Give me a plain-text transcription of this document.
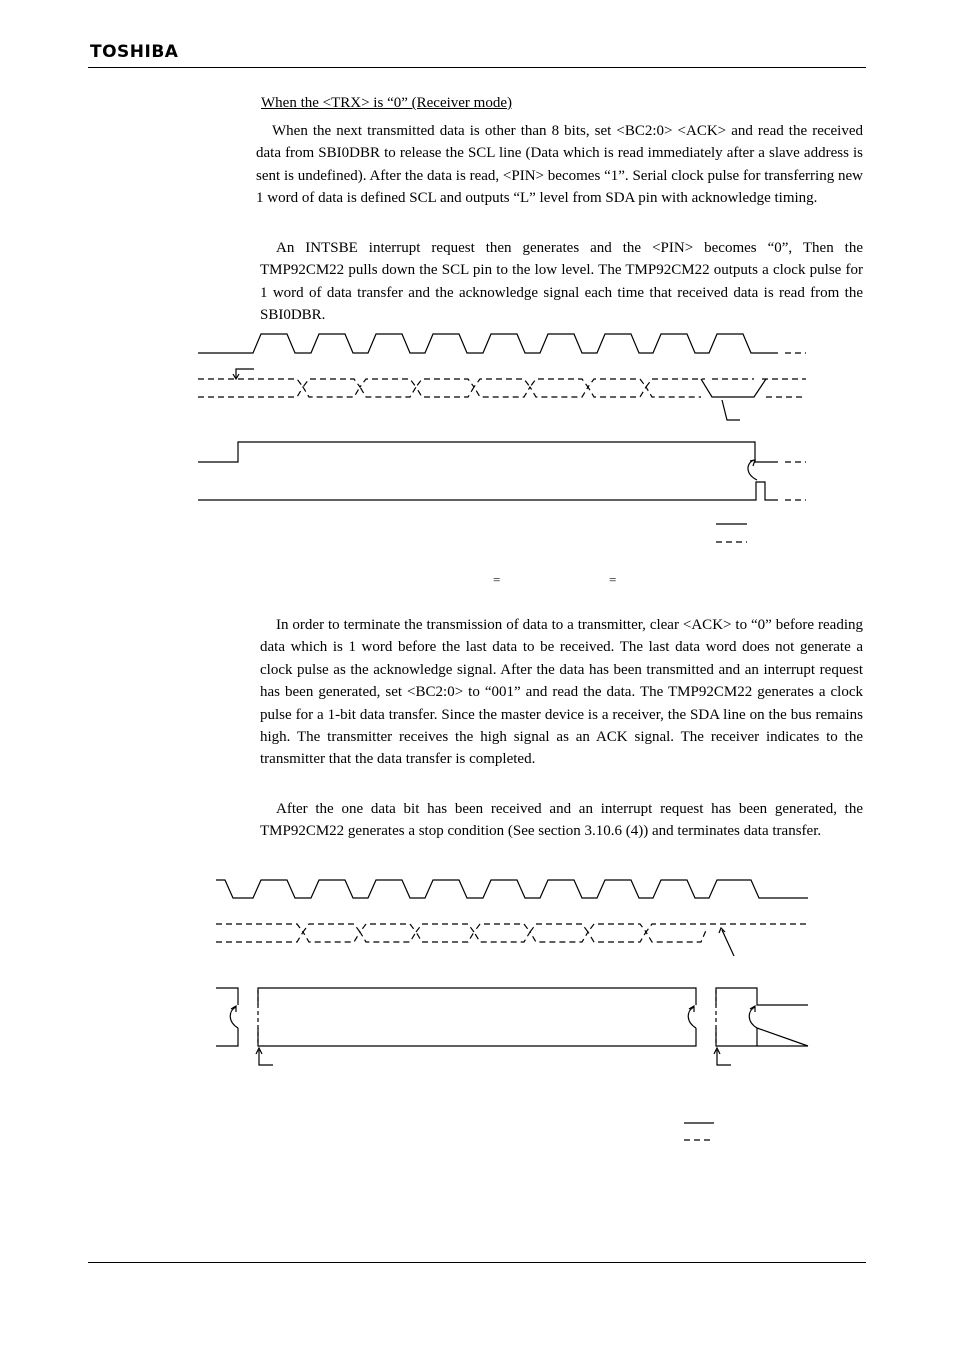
TOSHIBA
When the <TRX> is “0” (Receiver mode)

When the next transmitted data is other than 8 bits, set <BC2:0> <ACK> and read the received data from SBI0DBR to release the SCL line (Data which is read immediately after a slave address is sent is undefined). After the data is read, <PIN> becomes “1”. Serial clock pulse for transferring new 1 word of data is defined SCL and outputs “L” level from SDA pin with acknowledge timing.

An INTSBE interrupt request then generates and the <PIN> becomes “0”, Then the TMP92CM22 pulls down the SCL pin to the low level. The TMP92CM22 outputs a clock pulse for 1 word of data transfer and the acknowledge signal each time that received data is read from the SBI0DBR.

=	=

In order to terminate the transmission of data to a transmitter, clear <ACK> to “0” before reading data which is 1 word before the last data to be received. The last data word does not generate a clock pulse as the acknowledge signal. After the data has been transmitted and an interrupt request has been generated, set <BC2:0> to “001” and read the data. The TMP92CM22 generates a clock pulse for a 1-bit data transfer. Since the master device is a receiver, the SDA line on the bus remains high. The transmitter receives the high signal as an ACK signal. The receiver indicates to the transmitter that the data transfer is completed.

After the one data bit has been received and an interrupt request has been generated, the TMP92CM22 generates a stop condition (See section 3.10.6 (4)) and terminates data transfer.
